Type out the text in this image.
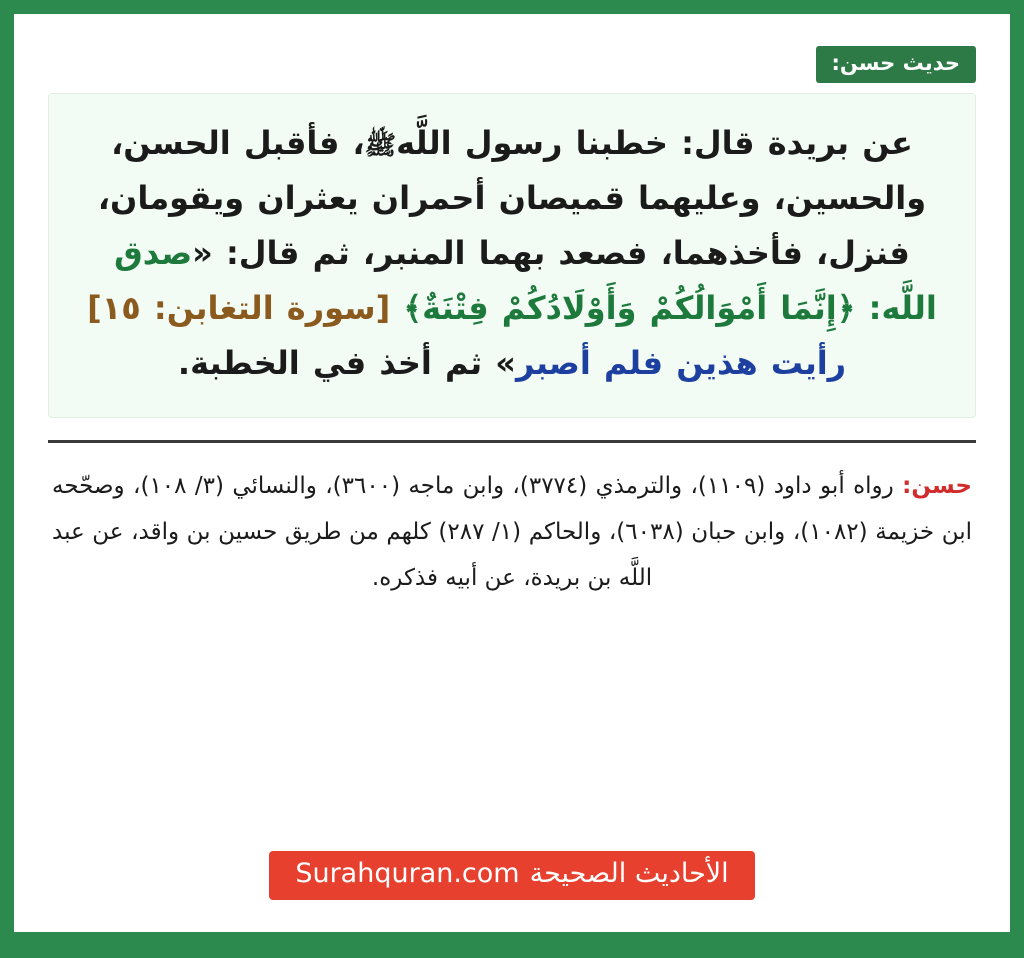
حديث حسن:
عن بريدة قال: خطبنا رسول اللَّهﷺ، فأقبل الحسن، والحسين، وعليهما قميصان أحمران يعثران ويقومان، فنزل، فأخذهما، فصعد بهما المنبر، ثم قال: «صدق اللَّه: ﴿إِنَّمَا أَمْوَالُكُمْ وَأَوْلَادُكُمْ فِتْنَةٌ﴾ [سورة التغابن: ١٥] رأيت هذين فلم أصبر» ثم أخذ في الخطبة.
حسن: رواه أبو داود (١١٠٩)، والترمذي (٣٧٧٤)، وابن ماجه (٣٦٠٠)، والنسائي (٣/ ١٠٨)، وصحّحه ابن خزيمة (١٠٨٢)، وابن حبان (٦٠٣٨)، والحاكم (١/ ٢٨٧) كلهم من طريق حسين بن واقد، عن عبد اللَّه بن بريدة، عن أبيه فذكره.
الأحاديث الصحيحة
Surahquran.com
